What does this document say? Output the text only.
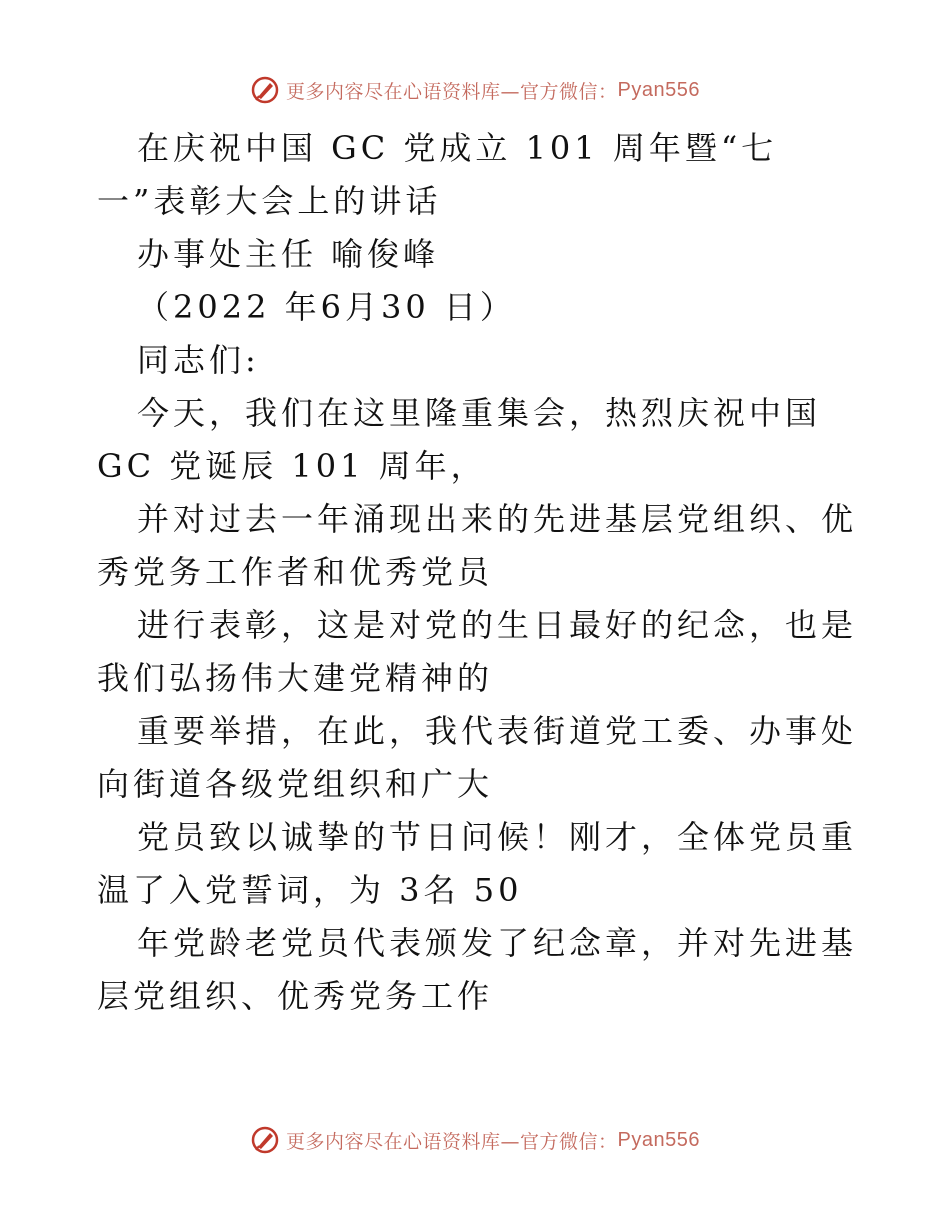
更多内容尽在心语资料库—官方微信： Pyan556

在庆祝中国 GC 党成立 101 周年暨“七一”表彰大会上的讲话

办事处主任 喻俊峰

（2022 年6月30 日）

同志们:

今天，我们在这里隆重集会，热烈庆祝中国 GC 党诞辰 101 周年，

并对过去一年涌现出来的先进基层党组织、优秀党务工作者和优秀党员

进行表彰，这是对党的生日最好的纪念，也是我们弘扬伟大建党精神的

重要举措，在此，我代表街道党工委、办事处向街道各级党组织和广大

党员致以诚挚的节日问候！刚才，全体党员重温了入党誓词，为 3名 50

年党龄老党员代表颁发了纪念章，并对先进基层党组织、优秀党务工作

更多内容尽在心语资料库—官方微信： Pyan556
